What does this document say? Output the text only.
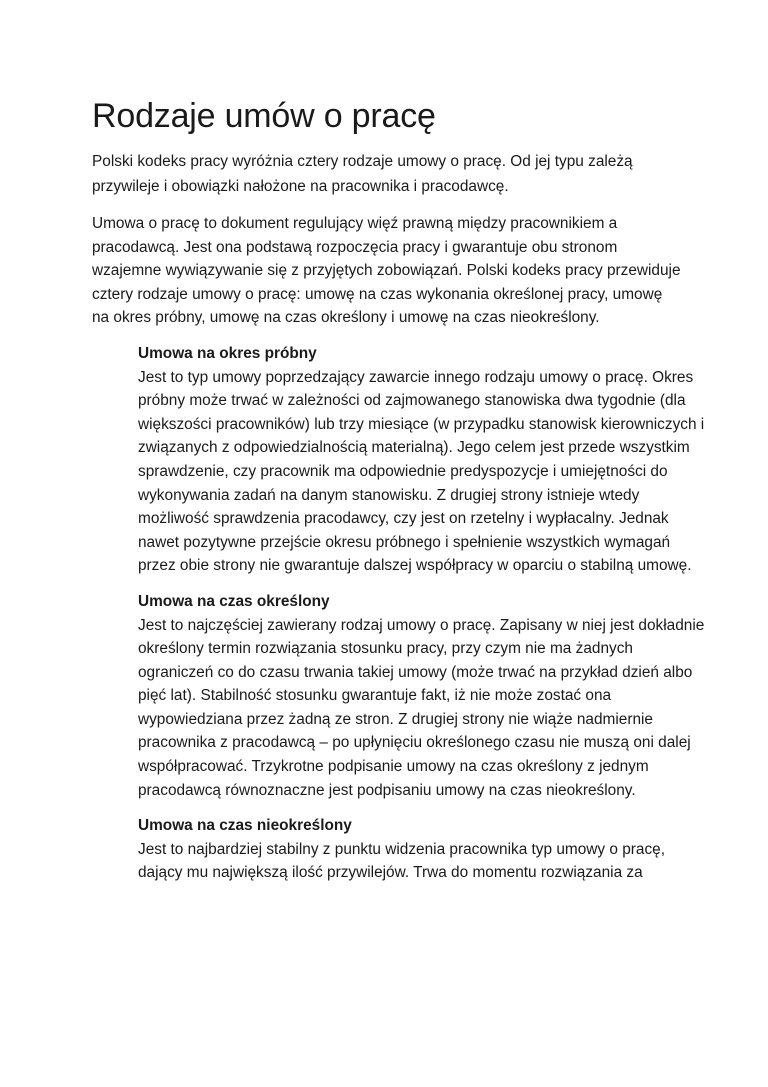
Rodzaje umów o pracę

Polski kodeks pracy wyróżnia cztery rodzaje umowy o pracę. Od jej typu zależą przywileje i obowiązki nałożone na pracownika i pracodawcę.

Umowa o pracę to dokument regulujący więź prawną między pracownikiem a pracodawcą. Jest ona podstawą rozpoczęcia pracy i gwarantuje obu stronom wzajemne wywiązywanie się z przyjętych zobowiązań. Polski kodeks pracy przewiduje cztery rodzaje umowy o pracę: umowę na czas wykonania określonej pracy, umowę na okres próbny, umowę na czas określony i umowę na czas nieokreślony.

Umowa na okres próbny

Jest to typ umowy poprzedzający zawarcie innego rodzaju umowy o pracę. Okres próbny może trwać w zależności od zajmowanego stanowiska dwa tygodnie (dla większości pracowników) lub trzy miesiące (w przypadku stanowisk kierowniczych i związanych z odpowiedzialnością materialną). Jego celem jest przede wszystkim sprawdzenie, czy pracownik ma odpowiednie predyspozycje i umiejętności do wykonywania zadań na danym stanowisku. Z drugiej strony istnieje wtedy możliwość sprawdzenia pracodawcy, czy jest on rzetelny i wypłacalny. Jednak nawet pozytywne przejście okresu próbnego i spełnienie wszystkich wymagań przez obie strony nie gwarantuje dalszej współpracy w oparciu o stabilną umowę.

Umowa na czas określony

Jest to najczęściej zawierany rodzaj umowy o pracę. Zapisany w niej jest dokładnie określony termin rozwiązania stosunku pracy, przy czym nie ma żadnych ograniczeń co do czasu trwania takiej umowy (może trwać na przykład dzień albo pięć lat). Stabilność stosunku gwarantuje fakt, iż nie może zostać ona wypowiedziana przez żadną ze stron. Z drugiej strony nie wiąże nadmiernie pracownika z pracodawcą – po upłynięciu określonego czasu nie muszą oni dalej współpracować. Trzykrotne podpisanie umowy na czas określony z jednym pracodawcą równoznaczne jest podpisaniu umowy na czas nieokreślony.

Umowa na czas nieokreślony

Jest to najbardziej stabilny z punktu widzenia pracownika typ umowy o pracę, dający mu największą ilość przywilejów. Trwa do momentu rozwiązania za
